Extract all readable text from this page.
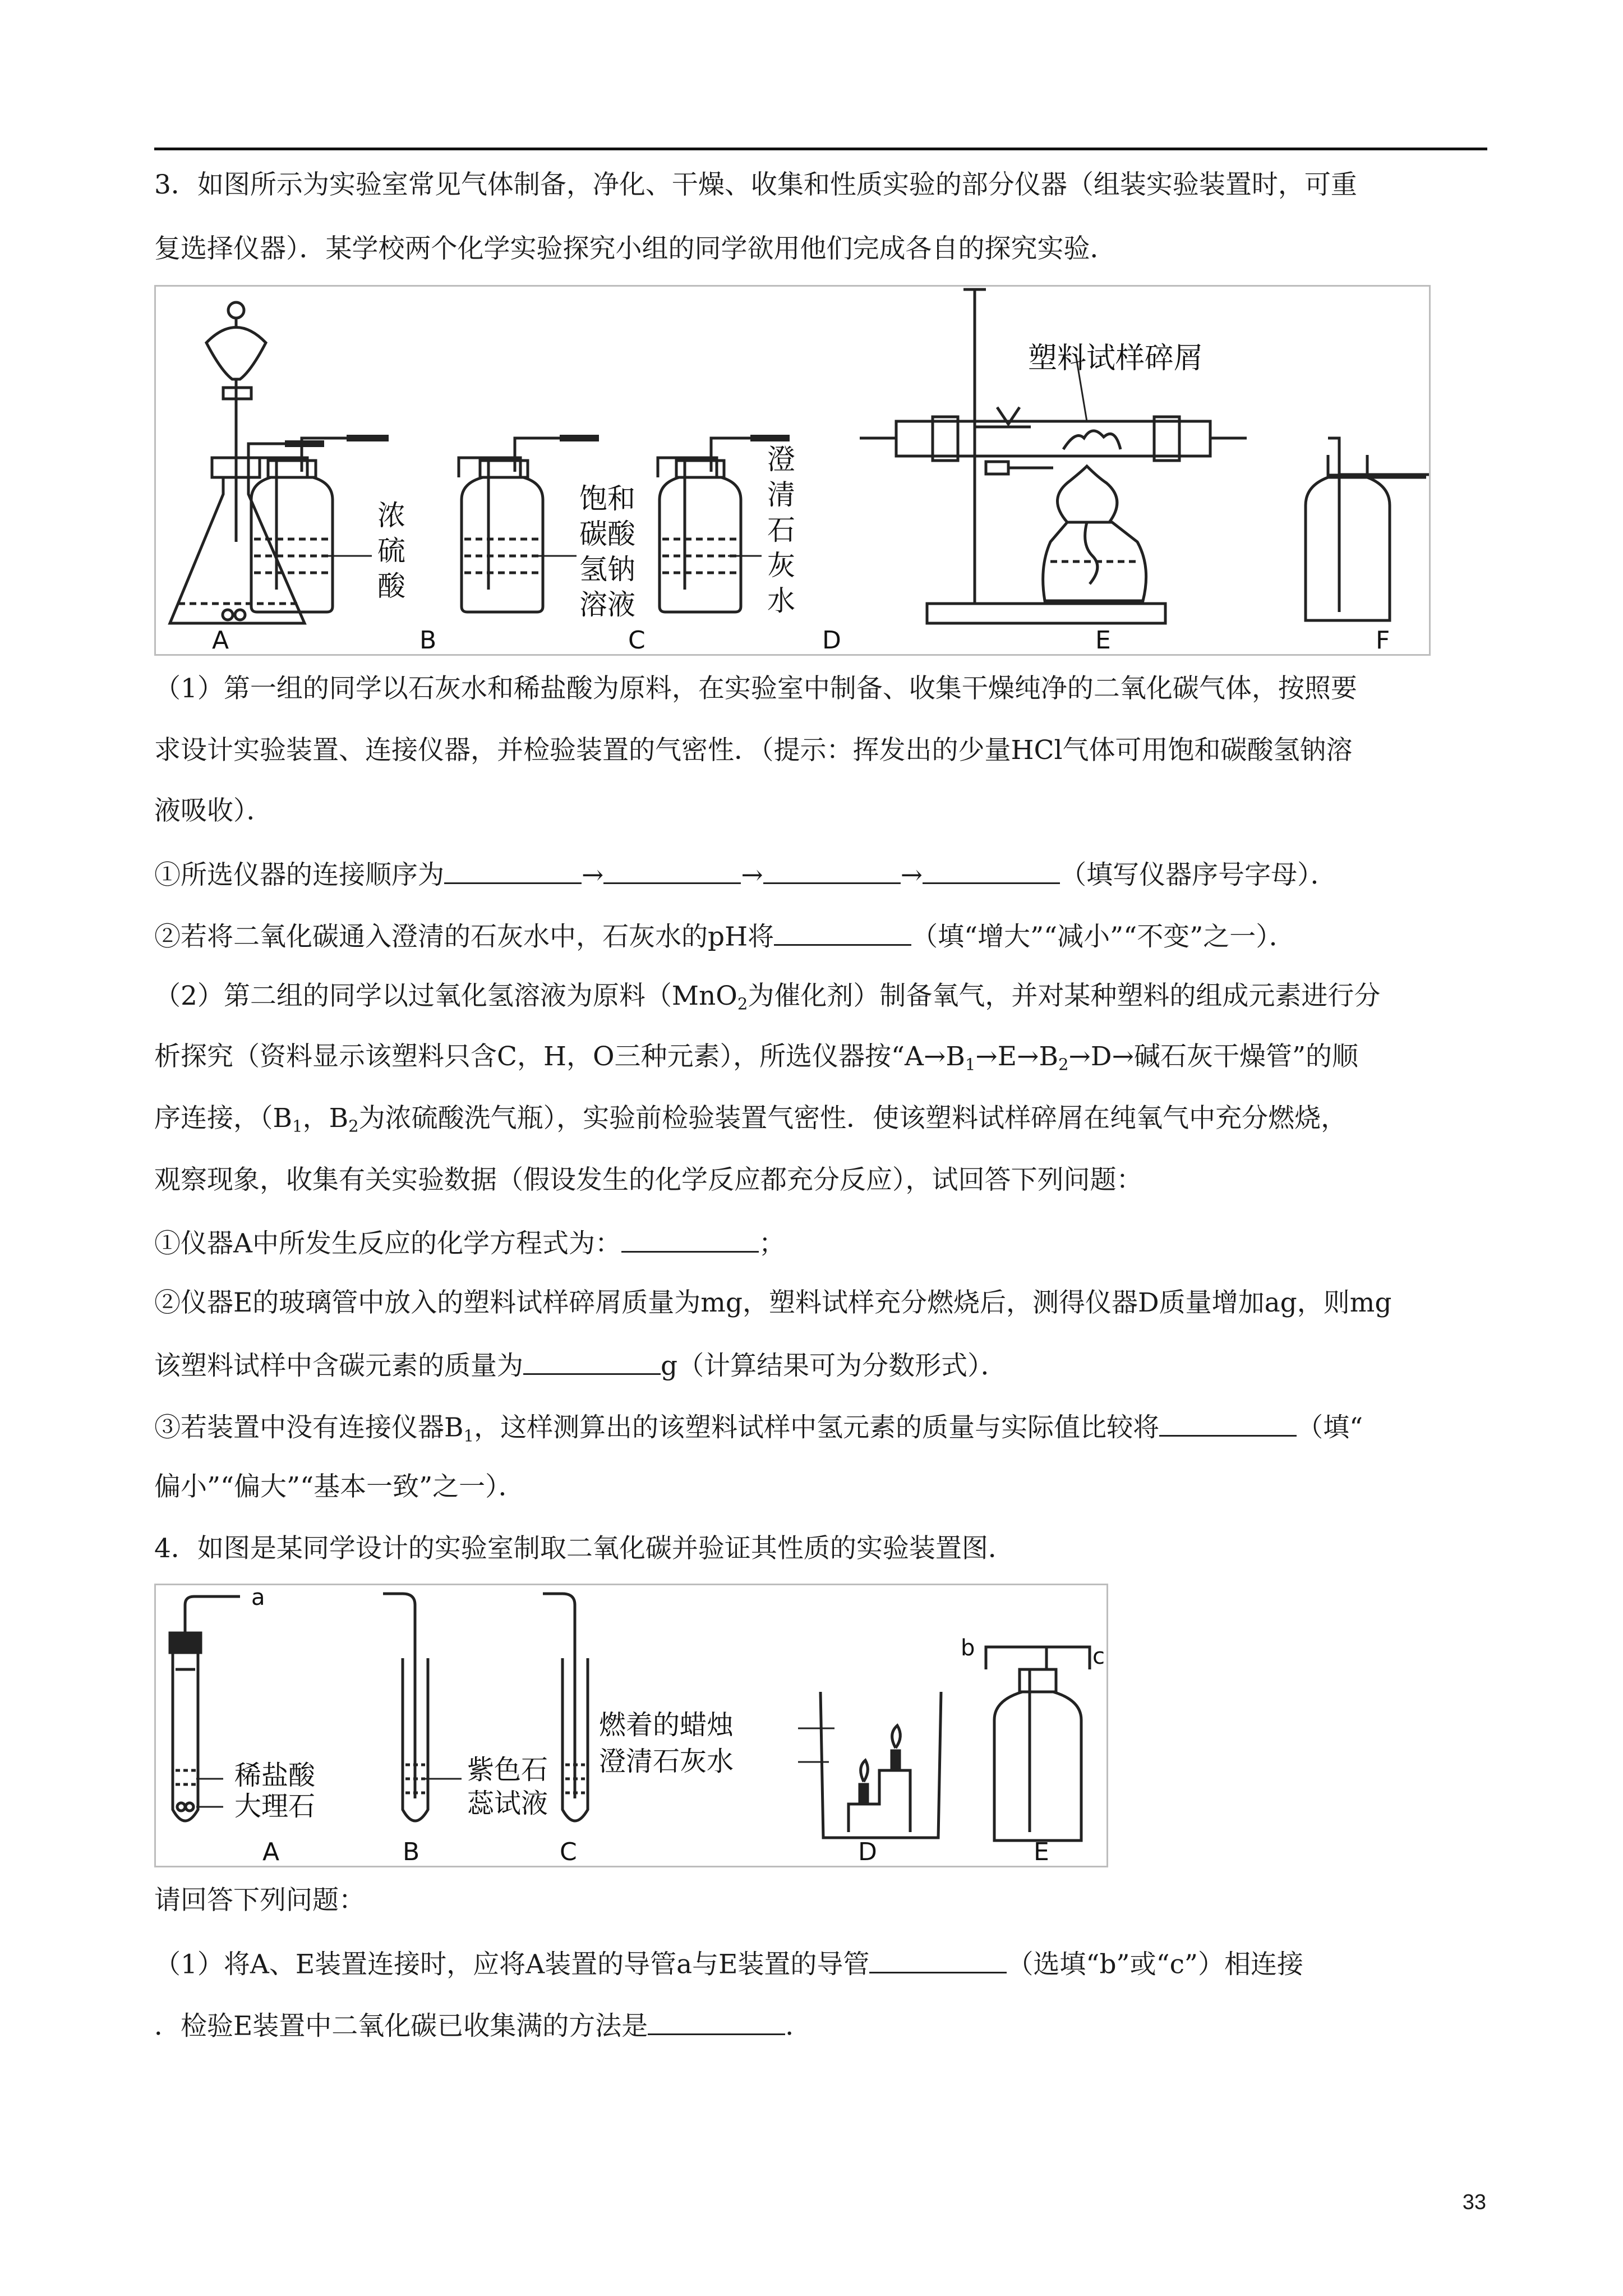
3．如图所示为实验室常见气体制备，净化、干燥、收集和性质实验的部分仪器（组装实验装置时，可重
复选择仪器）．某学校两个化学实验探究小组的同学欲用他们完成各自的探究实验．
浓
硫
酸
饱和
碳酸
氢钠
溶液
澄
清
石
灰
水
塑料试样碎屑
A	B	C	D	E	F
（1）第一组的同学以石灰水和稀盐酸为原料，在实验室中制备、收集干燥纯净的二氧化碳气体，按照要
求设计实验装置、连接仪器，并检验装置的气密性．（提示：挥发出的少量HCl气体可用饱和碳酸氢钠溶
液吸收）．
①所选仪器的连接顺序为	→	→	→	（填写仪器序号字母）．
②若将二氧化碳通入澄清的石灰水中，石灰水的pH将	（填“增大”“减小”“不变”之一）．
（2）第二组的同学以过氧化氢溶液为原料（MnO$_2$为催化剂）制备氧气，并对某种塑料的组成元素进行分
析探究（资料显示该塑料只含C，H，O三种元素），所选仪器按“$A\to B_1\to E\to B_2\to D\to$碱石灰干燥管”的顺
序连接，（$B_1$，$B_2$为浓硫酸洗气瓶），实验前检验装置气密性．使该塑料试样碎屑在纯氧气中充分燃烧，
观察现象，收集有关实验数据（假设发生的化学反应都充分反应），试回答下列问题：
①仪器A中所发生反应的化学方程式为：	；
②仪器E的玻璃管中放入的塑料试样碎屑质量为mg，塑料试样充分燃烧后，测得仪器D质量增加ag，则mg
该塑料试样中含碳元素的质量为	g（计算结果可为分数形式）．
③若装置中没有连接仪器$B_1$，这样测算出的该塑料试样中氢元素的质量与实际值比较将	（填“
偏小”“偏大”“基本一致”之一）．
4．如图是某同学设计的实验室制取二氧化碳并验证其性质的实验装置图．
稀盐酸
大理石
紫色石
蕊试液
燃着的蜡烛
澄清石灰水
a
b	c
A	B	C	D	E
请回答下列问题：
（1）将A、E装置连接时，应将A装置的导管a与E装置的导管	（选填“b”或“c”）相连接
．检验E装置中二氧化碳已收集满的方法是	．
33
